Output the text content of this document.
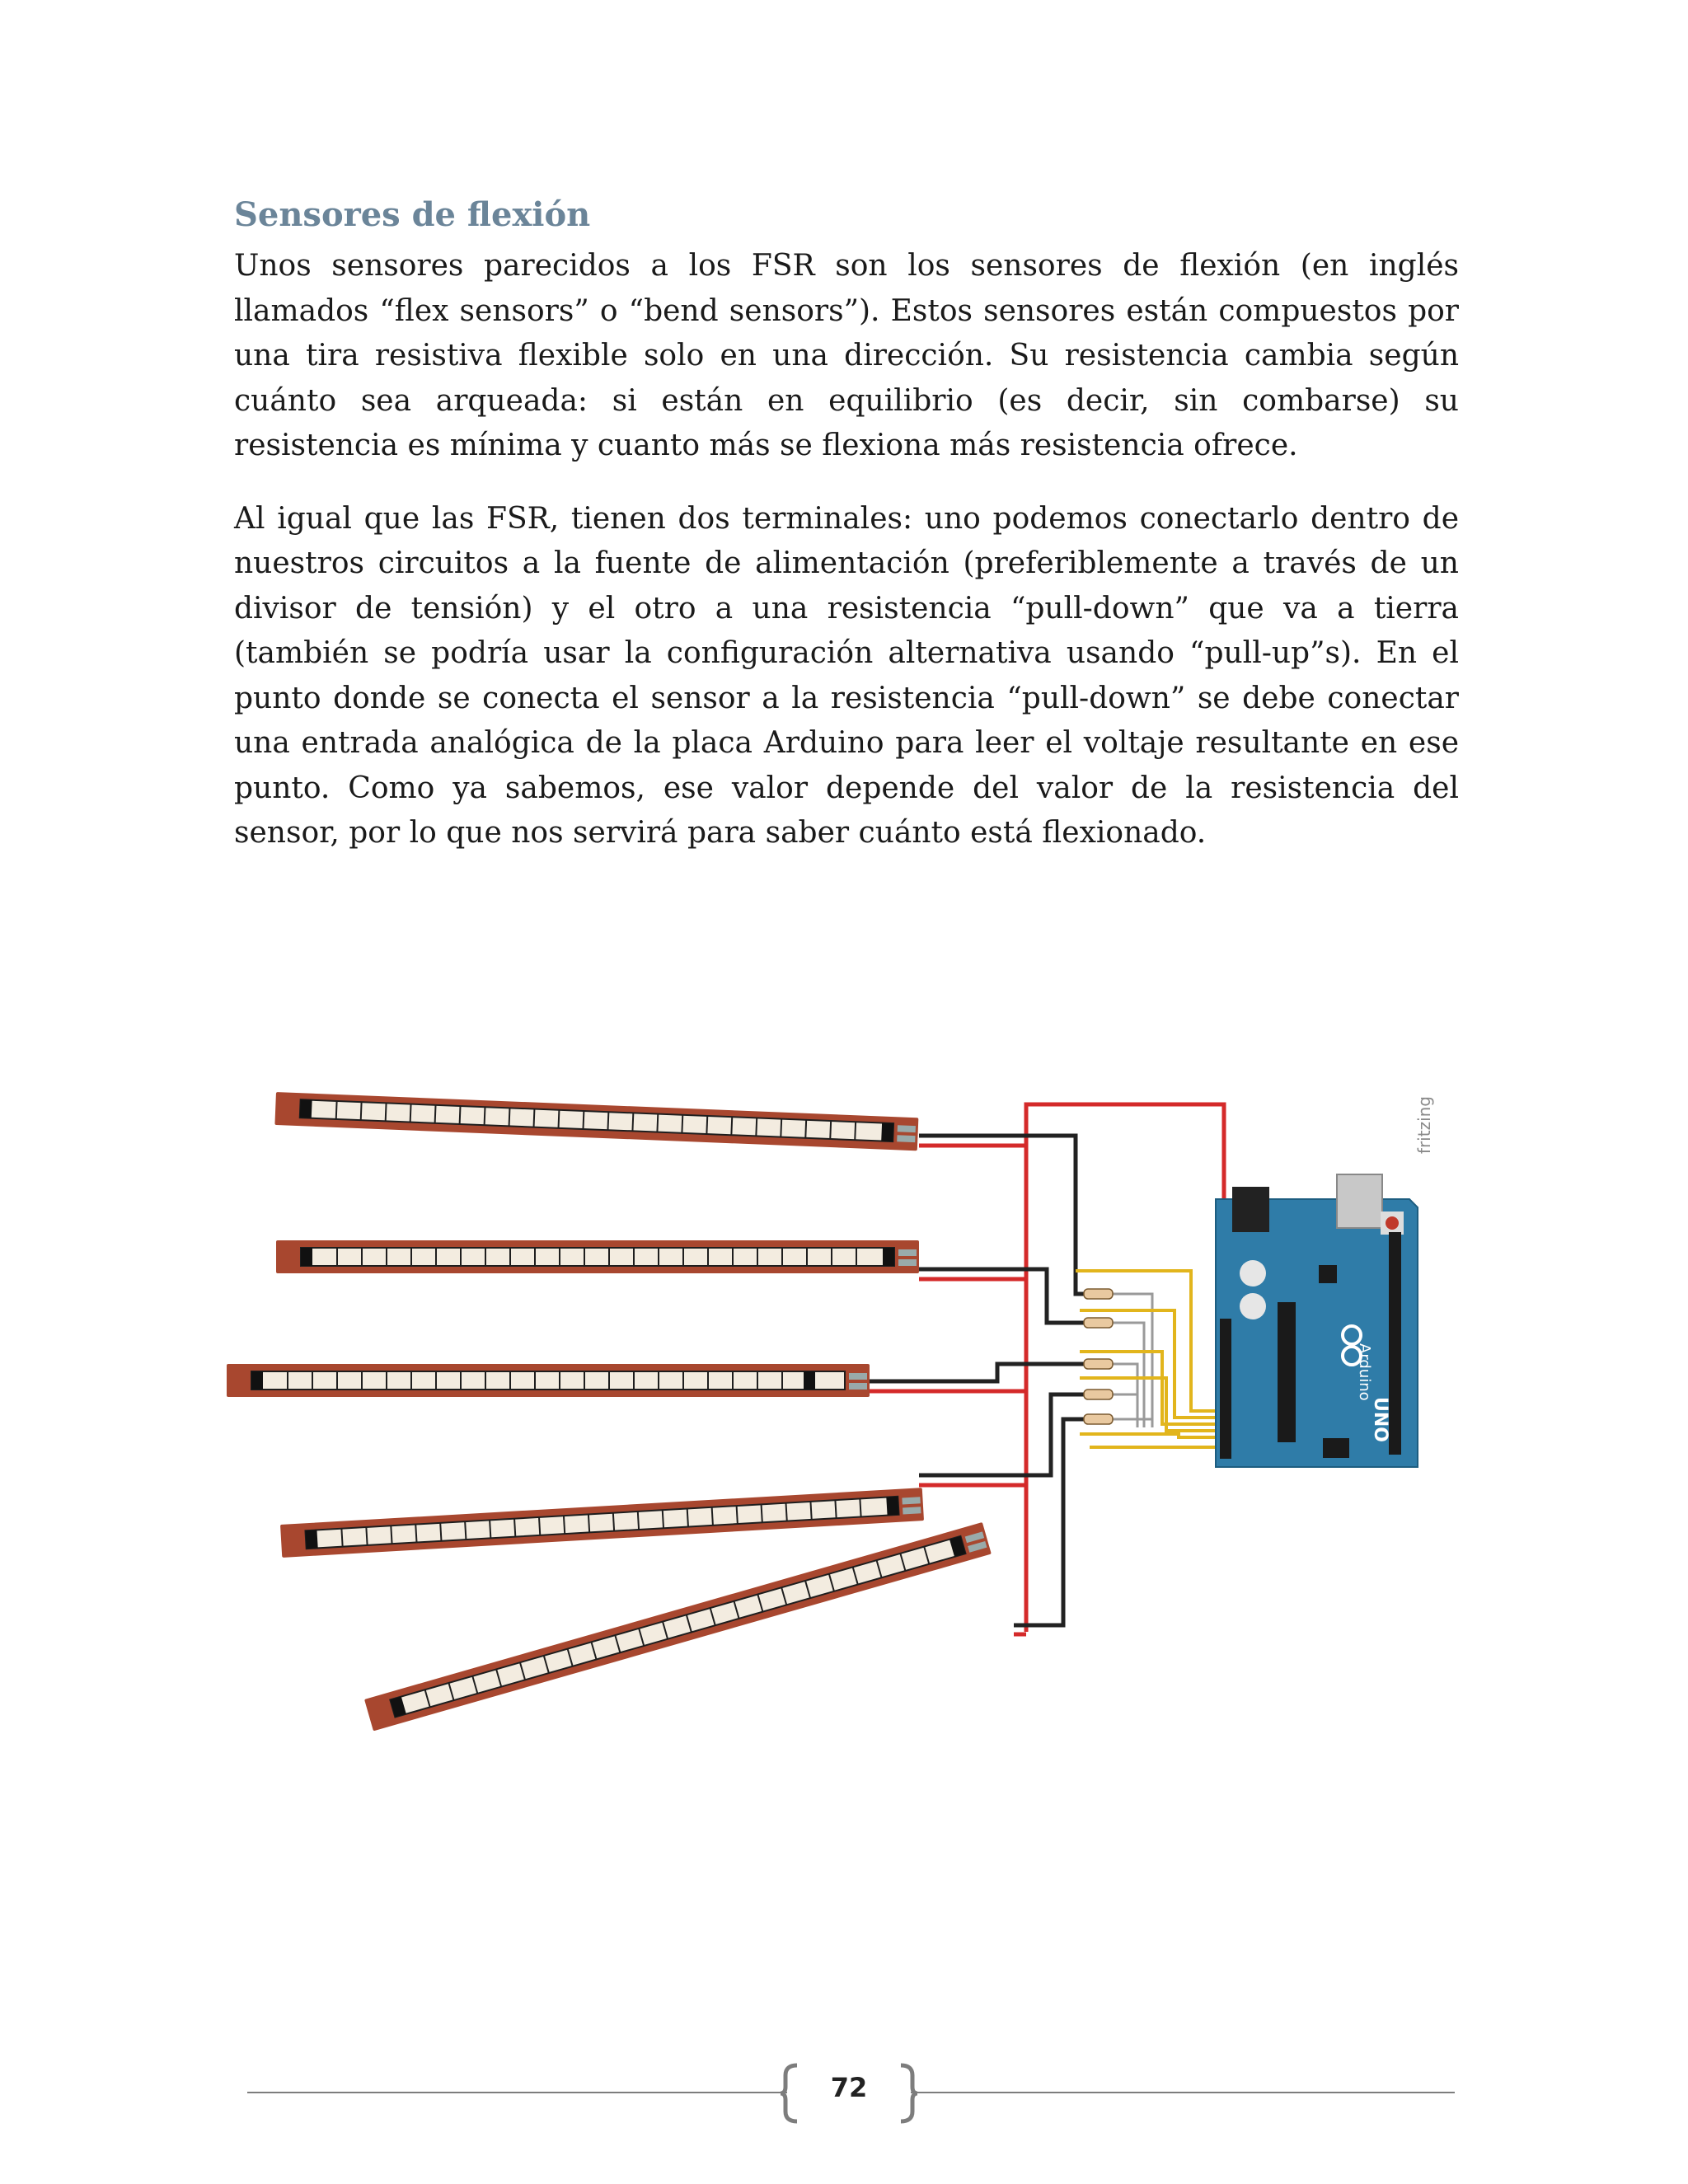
Sensores de flexión

Unos sensores parecidos a los FSR son los sensores de flexión (en inglés llamados “flex sensors” o “bend sensors”). Estos sensores están compuestos por una tira resistiva flexible solo en una dirección. Su resistencia cambia según cuánto sea arqueada: si están en equilibrio (es decir, sin combarse) su resistencia es mínima y cuanto más se flexiona más resistencia ofrece.

Al igual que las FSR, tienen dos terminales: uno podemos conectarlo dentro de nuestros circuitos a la fuente de alimentación (preferiblemente a través de un divisor de tensión) y el otro a una resistencia “pull-down” que va a tierra (también se podría usar la configuración alternativa usando “pull-up”s). En el punto donde se conecta el sensor a la resistencia “pull-down” se debe conectar una entrada analógica de la placa Arduino para leer el voltaje resultante en ese punto. Como ya sabemos, ese valor depende del valor de la resistencia del sensor, por lo que nos servirá para saber cuánto está flexionado.

Arduino
UNO
fritzing
72
